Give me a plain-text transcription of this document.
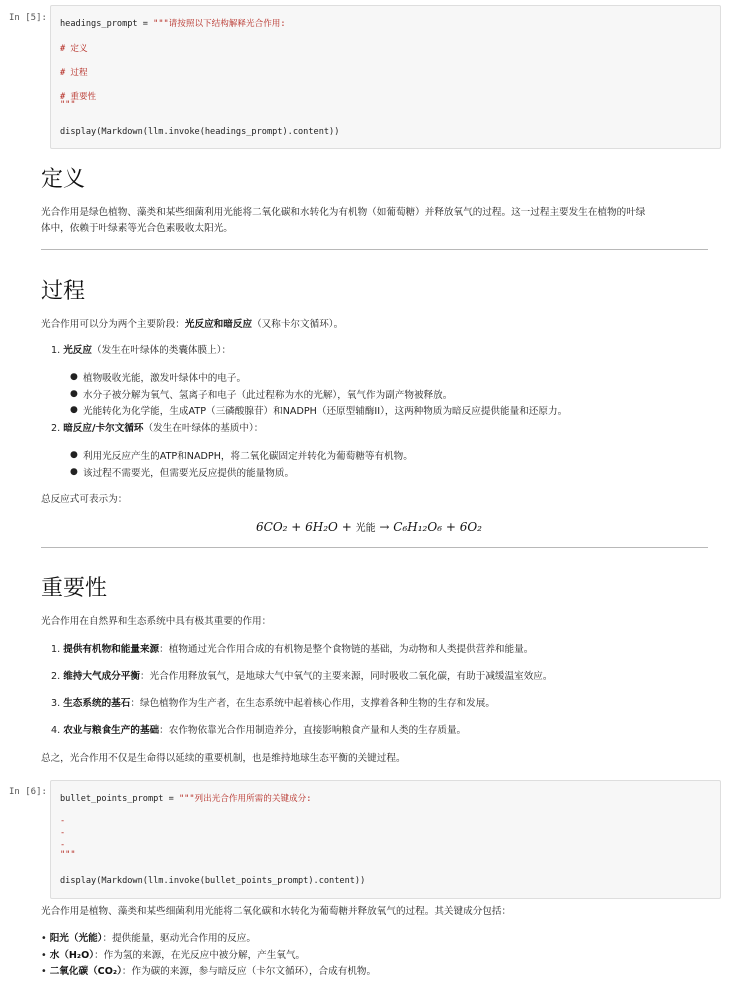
In [5]:
headings_prompt = """请按照以下结构解释光合作用:
# 定义
# 过程
# 重要性
"""
display(Markdown(llm.invoke(headings_prompt).content))
定义
光合作用是绿色植物、藻类和某些细菌利用光能将二氧化碳和水转化为有机物（如葡萄糖）并释放氧气的过程。这一过程主要发生在植物的叶绿
体中，依赖于叶绿素等光合色素吸收太阳光。
过程
光合作用可以分为两个主要阶段：光反应和暗反应（又称卡尔文循环）。
1. 光反应（发生在叶绿体的类囊体膜上）：
● 植物吸收光能，激发叶绿体中的电子。
● 水分子被分解为氧气、氢离子和电子（此过程称为水的光解），氧气作为副产物被释放。
● 光能转化为化学能，生成ATP（三磷酸腺苷）和NADPH（还原型辅酶II），这两种物质为暗反应提供能量和还原力。
2. 暗反应/卡尔文循环（发生在叶绿体的基质中）：
● 利用光反应产生的ATP和NADPH，将二氧化碳固定并转化为葡萄糖等有机物。
● 该过程不需要光，但需要光反应提供的能量物质。
总反应式可表示为：
6CO₂ + 6H₂O + 光能 → C₆H₁₂O₆ + 6O₂
重要性
光合作用在自然界和生态系统中具有极其重要的作用：
1. 提供有机物和能量来源：植物通过光合作用合成的有机物是整个食物链的基础，为动物和人类提供营养和能量。
2. 维持大气成分平衡：光合作用释放氧气，是地球大气中氧气的主要来源，同时吸收二氧化碳，有助于减缓温室效应。
3. 生态系统的基石：绿色植物作为生产者，在生态系统中起着核心作用，支撑着各种生物的生存和发展。
4. 农业与粮食生产的基础：农作物依靠光合作用制造养分，直接影响粮食产量和人类的生存质量。
总之，光合作用不仅是生命得以延续的重要机制，也是维持地球生态平衡的关键过程。
In [6]:
bullet_points_prompt = """列出光合作用所需的关键成分:
-
-
-
"""
display(Markdown(llm.invoke(bullet_points_prompt).content))
光合作用是植物、藻类和某些细菌利用光能将二氧化碳和水转化为葡萄糖并释放氧气的过程。其关键成分包括：
• 阳光（光能）：提供能量，驱动光合作用的反应。
• 水（H₂O）：作为氢的来源，在光反应中被分解，产生氧气。
• 二氧化碳（CO₂）：作为碳的来源，参与暗反应（卡尔文循环），合成有机物。
